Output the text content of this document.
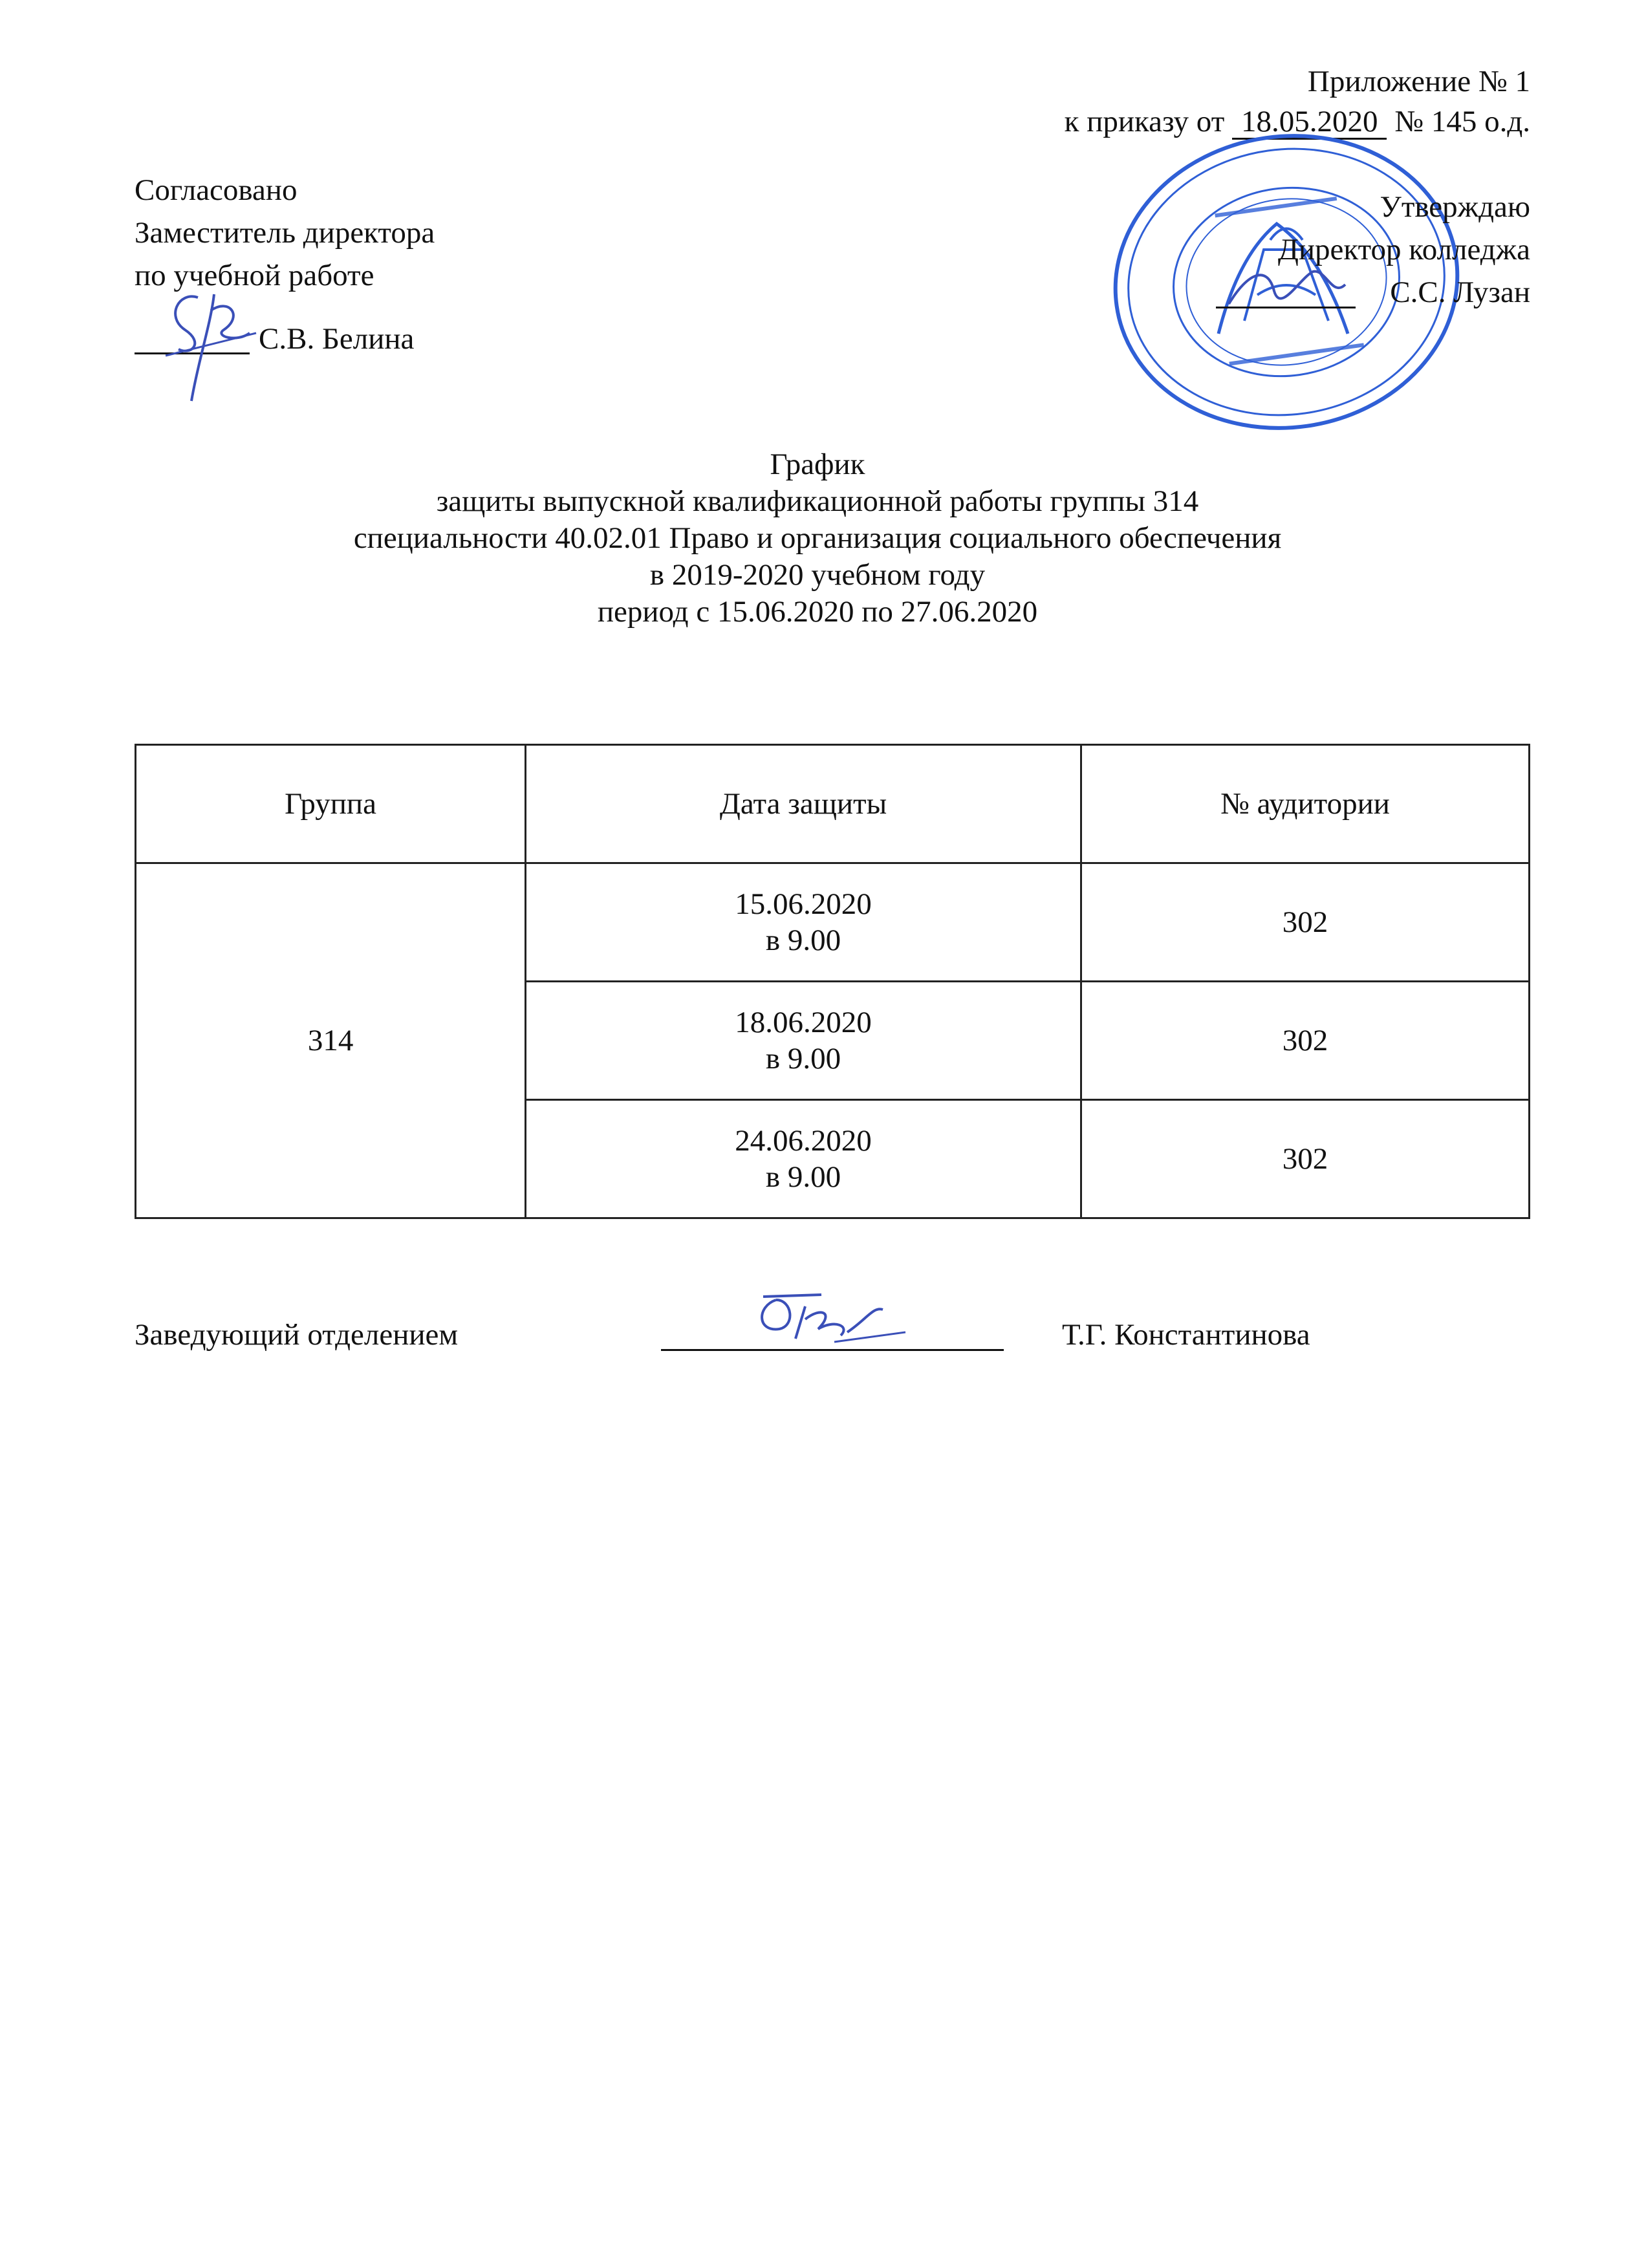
Приложение № 1
к приказу от 18.05.2020 № 145 о.д.
Согласовано
Заместитель директора
по учебной работе
С.В. Белина
Утверждаю
Директор колледжа
С.С. Лузан
График
защиты выпускной квалификационной работы группы 314
специальности 40.02.01 Право и организация социального обеспечения
в 2019-2020 учебном году
период с 15.06.2020 по 27.06.2020
Группа	Дата защиты	№ аудитории
314	15.06.2020
в 9.00	302

	18.06.2020
в 9.00	302

	24.06.2020
в 9.00	302
Заведующий отделением	Т.Г. Константинова
